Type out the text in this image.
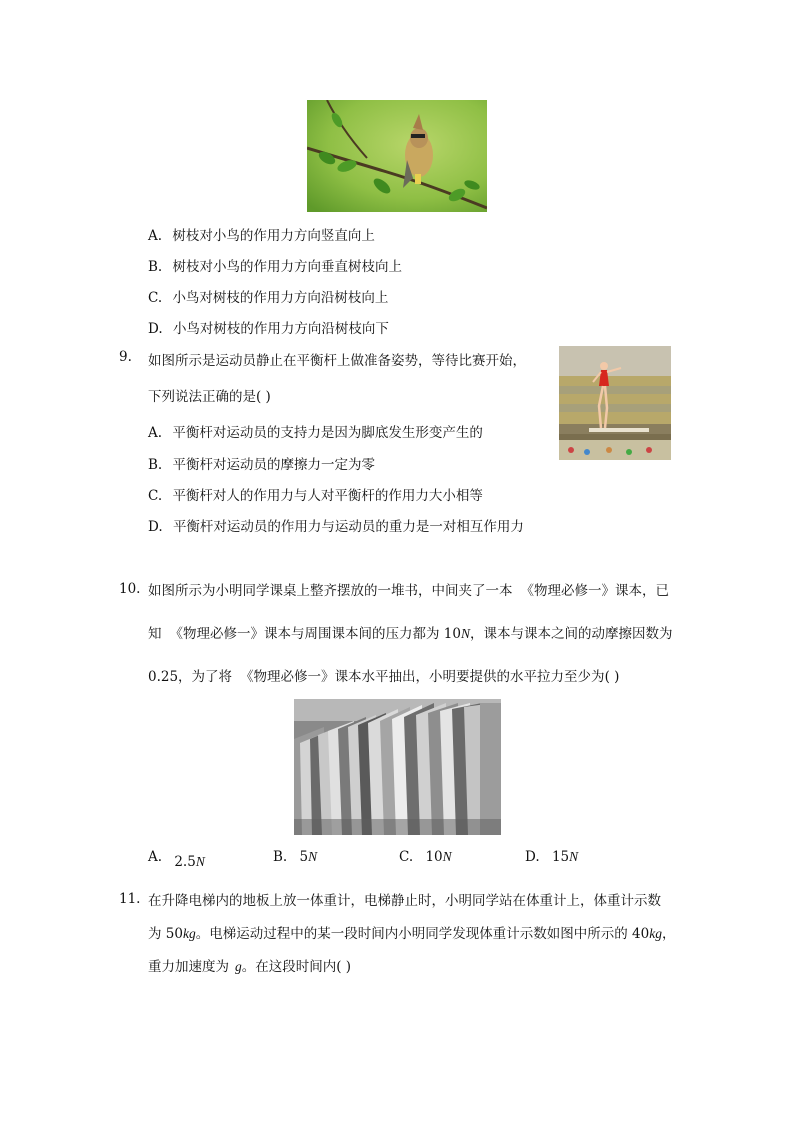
A. 树枝对小鸟的作用力方向竖直向上
B. 树枝对小鸟的作用力方向垂直树枝向上
C. 小鸟对树枝的作用力方向沿树枝向上
D. 小鸟对树枝的作用力方向沿树枝向下
9. 如图所示是运动员静止在平衡杆上做准备姿势，等待比赛开始，
下列说法正确的是( )
A. 平衡杆对运动员的支持力是因为脚底发生形变产生的
B. 平衡杆对运动员的摩擦力一定为零
C. 平衡杆对人的作用力与人对平衡杆的作用力大小相等
D. 平衡杆对运动员的作用力与运动员的重力是一对相互作用力
10. 如图所示为小明同学课桌上整齐摆放的一堆书，中间夹了一本 《物理必修一》课本，已
知 《物理必修一》课本与周围课本间的压力都为 10N，课本与课本之间的动摩擦因数为
0.25，为了将 《物理必修一》课本水平抽出，小明要提供的水平拉力至少为( )
A. 2.5N	B. 5N	C. 10N	D. 15N
11. 在升降电梯内的地板上放一体重计，电梯静止时，小明同学站在体重计上，体重计示数
为 50kg。电梯运动过程中的某一段时间内小明同学发现体重计示数如图中所示的 40kg，
重力加速度为 g。在这段时间内( )
